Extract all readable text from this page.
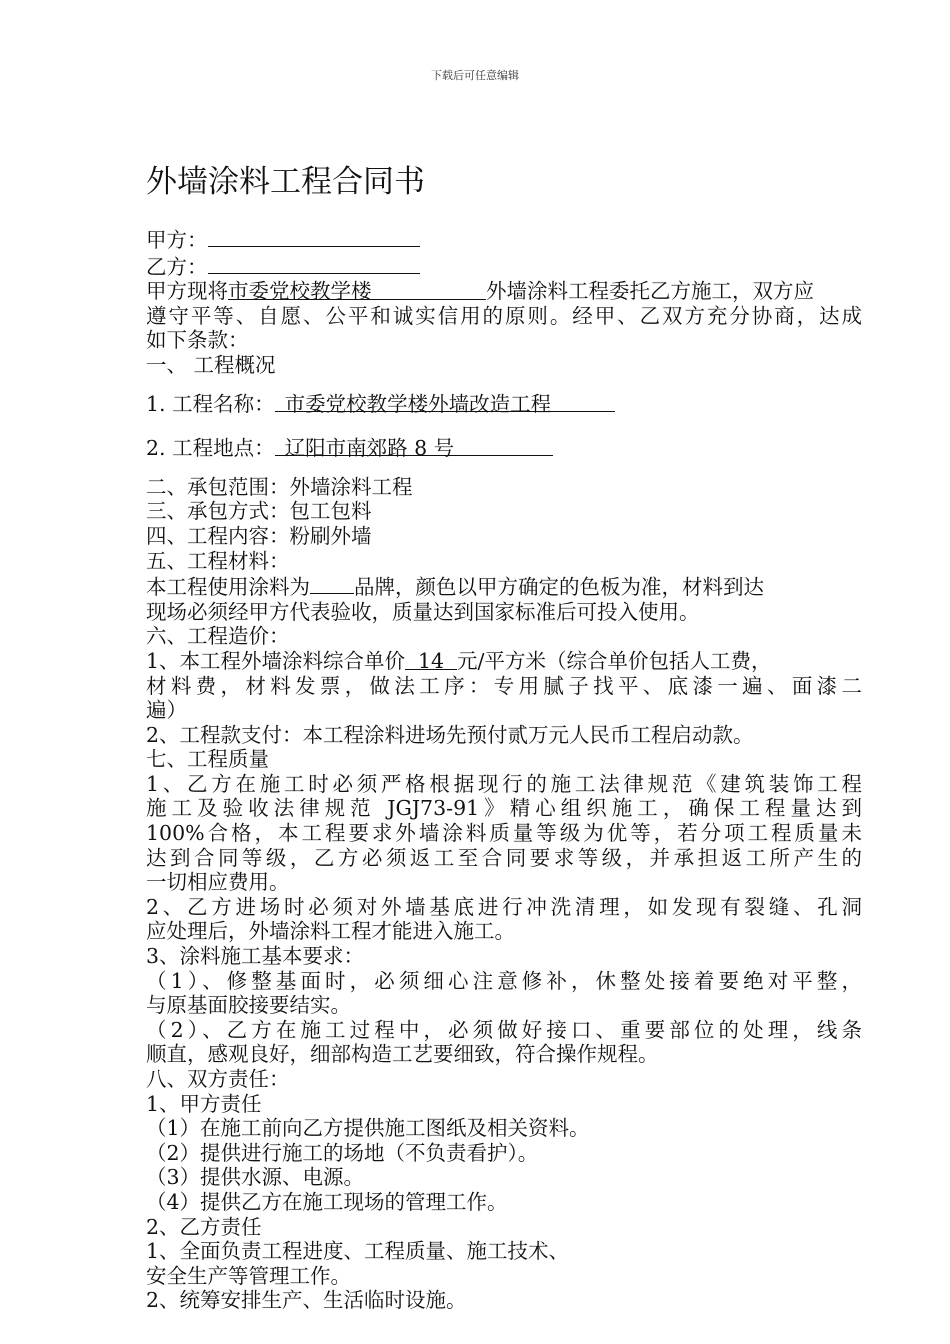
下载后可任意编辑
外墙涂料工程合同书
甲方：
乙方：
甲方现将市委党校教学楼	外墙涂料工程委托乙方施工，双方应
遵守平等、自愿、公平和诚实信用的原则。经甲、乙双方充分协商，达成
如下条款：
一、 工程概况
1. 工程名称： 市委党校教学楼外墙改造工程
2. 工程地点： 辽阳市南郊路 8 号
二、承包范围：外墙涂料工程
三、承包方式：包工包料
四、工程内容：粉刷外墙
五、工程材料：
本工程使用涂料为 品牌，颜色以甲方确定的色板为准，材料到达
现场必须经甲方代表验收，质量达到国家标准后可投入使用。
六、工程造价：
1、本工程外墙涂料综合单价 14 元/平方米（综合单价包括人工费，
材料费，材料发票，做法工序：专用腻子找平、底漆一遍、面漆二
遍）
2、工程款支付：本工程涂料进场先预付贰万元人民币工程启动款。
七、工程质量
1、乙方在施工时必须严格根据现行的施工法律规范《建筑装饰工程
施工及验收法律规范 JGJ73-91》精心组织施工，确保工程量达到
100%合格，本工程要求外墙涂料质量等级为优等，若分项工程质量未
达到合同等级，乙方必须返工至合同要求等级，并承担返工所产生的
一切相应费用。
2、乙方进场时必须对外墙基底进行冲洗清理，如发现有裂缝、孔洞
应处理后，外墙涂料工程才能进入施工。
3、涂料施工基本要求：
（1）、修整基面时，必须细心注意修补，休整处接着要绝对平整，
与原基面胶接要结实。
（2）、乙方在施工过程中，必须做好接口、重要部位的处理，线条
顺直，感观良好，细部构造工艺要细致，符合操作规程。
八、双方责任：
1、甲方责任
（1）在施工前向乙方提供施工图纸及相关资料。
（2）提供进行施工的场地（不负责看护）。
（3）提供水源、电源。
（4）提供乙方在施工现场的管理工作。
2、乙方责任
1、全面负责工程进度、工程质量、施工技术、
安全生产等管理工作。
2、统筹安排生产、生活临时设施。
